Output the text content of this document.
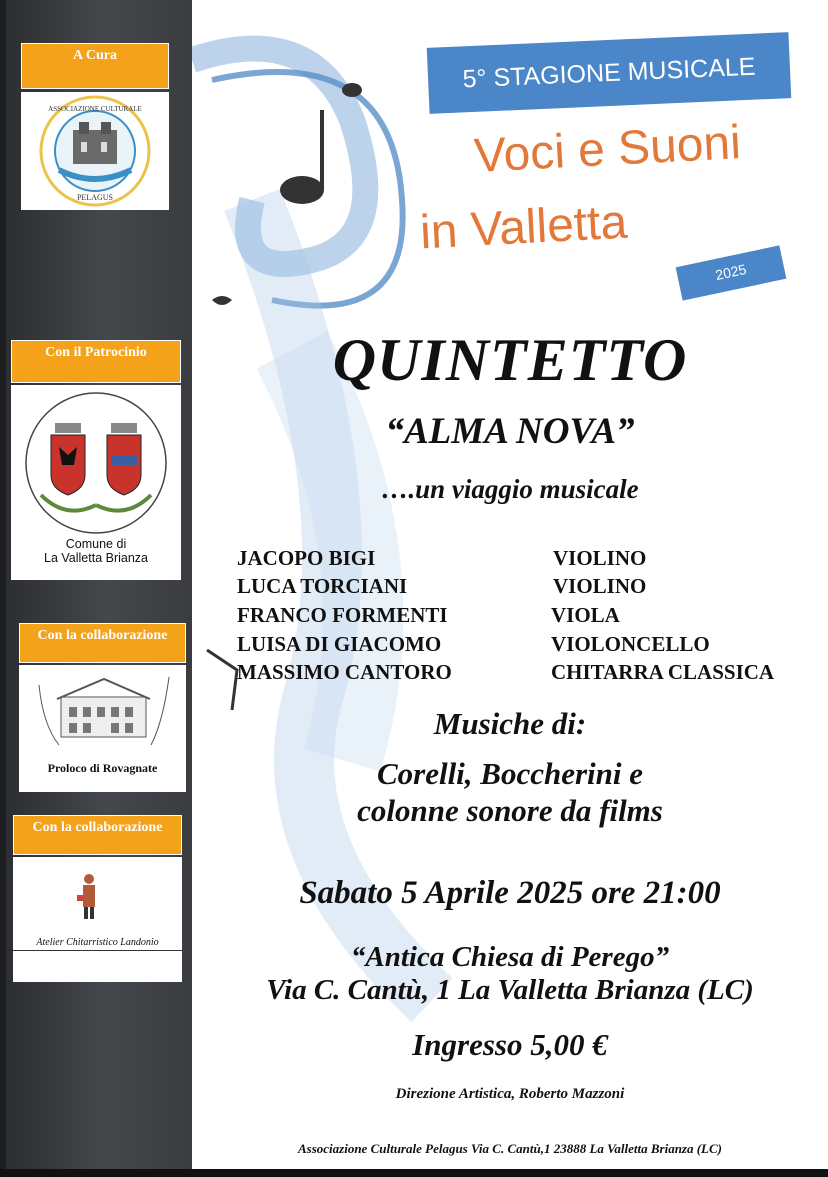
A Cura
ASSOCIAZIONE CULTURALE
PELAGUS
Con il Patrocinio
Comune di
La Valletta Brianza
Con la collaborazione
Proloco di Rovagnate
Con la collaborazione
Atelier Chitarristico Landonio
5° STAGIONE MUSICALE
Voci e Suoni
in Valletta
2025
QUINTETTO
“ALMA NOVA”
….un viaggio musicale
JACOPO BIGI	VIOLINO
LUCA TORCIANI	VIOLINO
FRANCO FORMENTI	VIOLA
LUISA DI GIACOMO	VIOLONCELLO
MASSIMO CANTORO	CHITARRA CLASSICA
Musiche di:
Corelli, Boccherini e
colonne sonore da films
Sabato 5 Aprile 2025 ore 21:00
“Antica Chiesa di Perego”
Via C. Cantù, 1 La Valletta Brianza (LC)
Ingresso 5,00 €
Direzione Artistica, Roberto Mazzoni
Associazione Culturale Pelagus Via C. Cantù,1 23888 La Valletta Brianza (LC)
